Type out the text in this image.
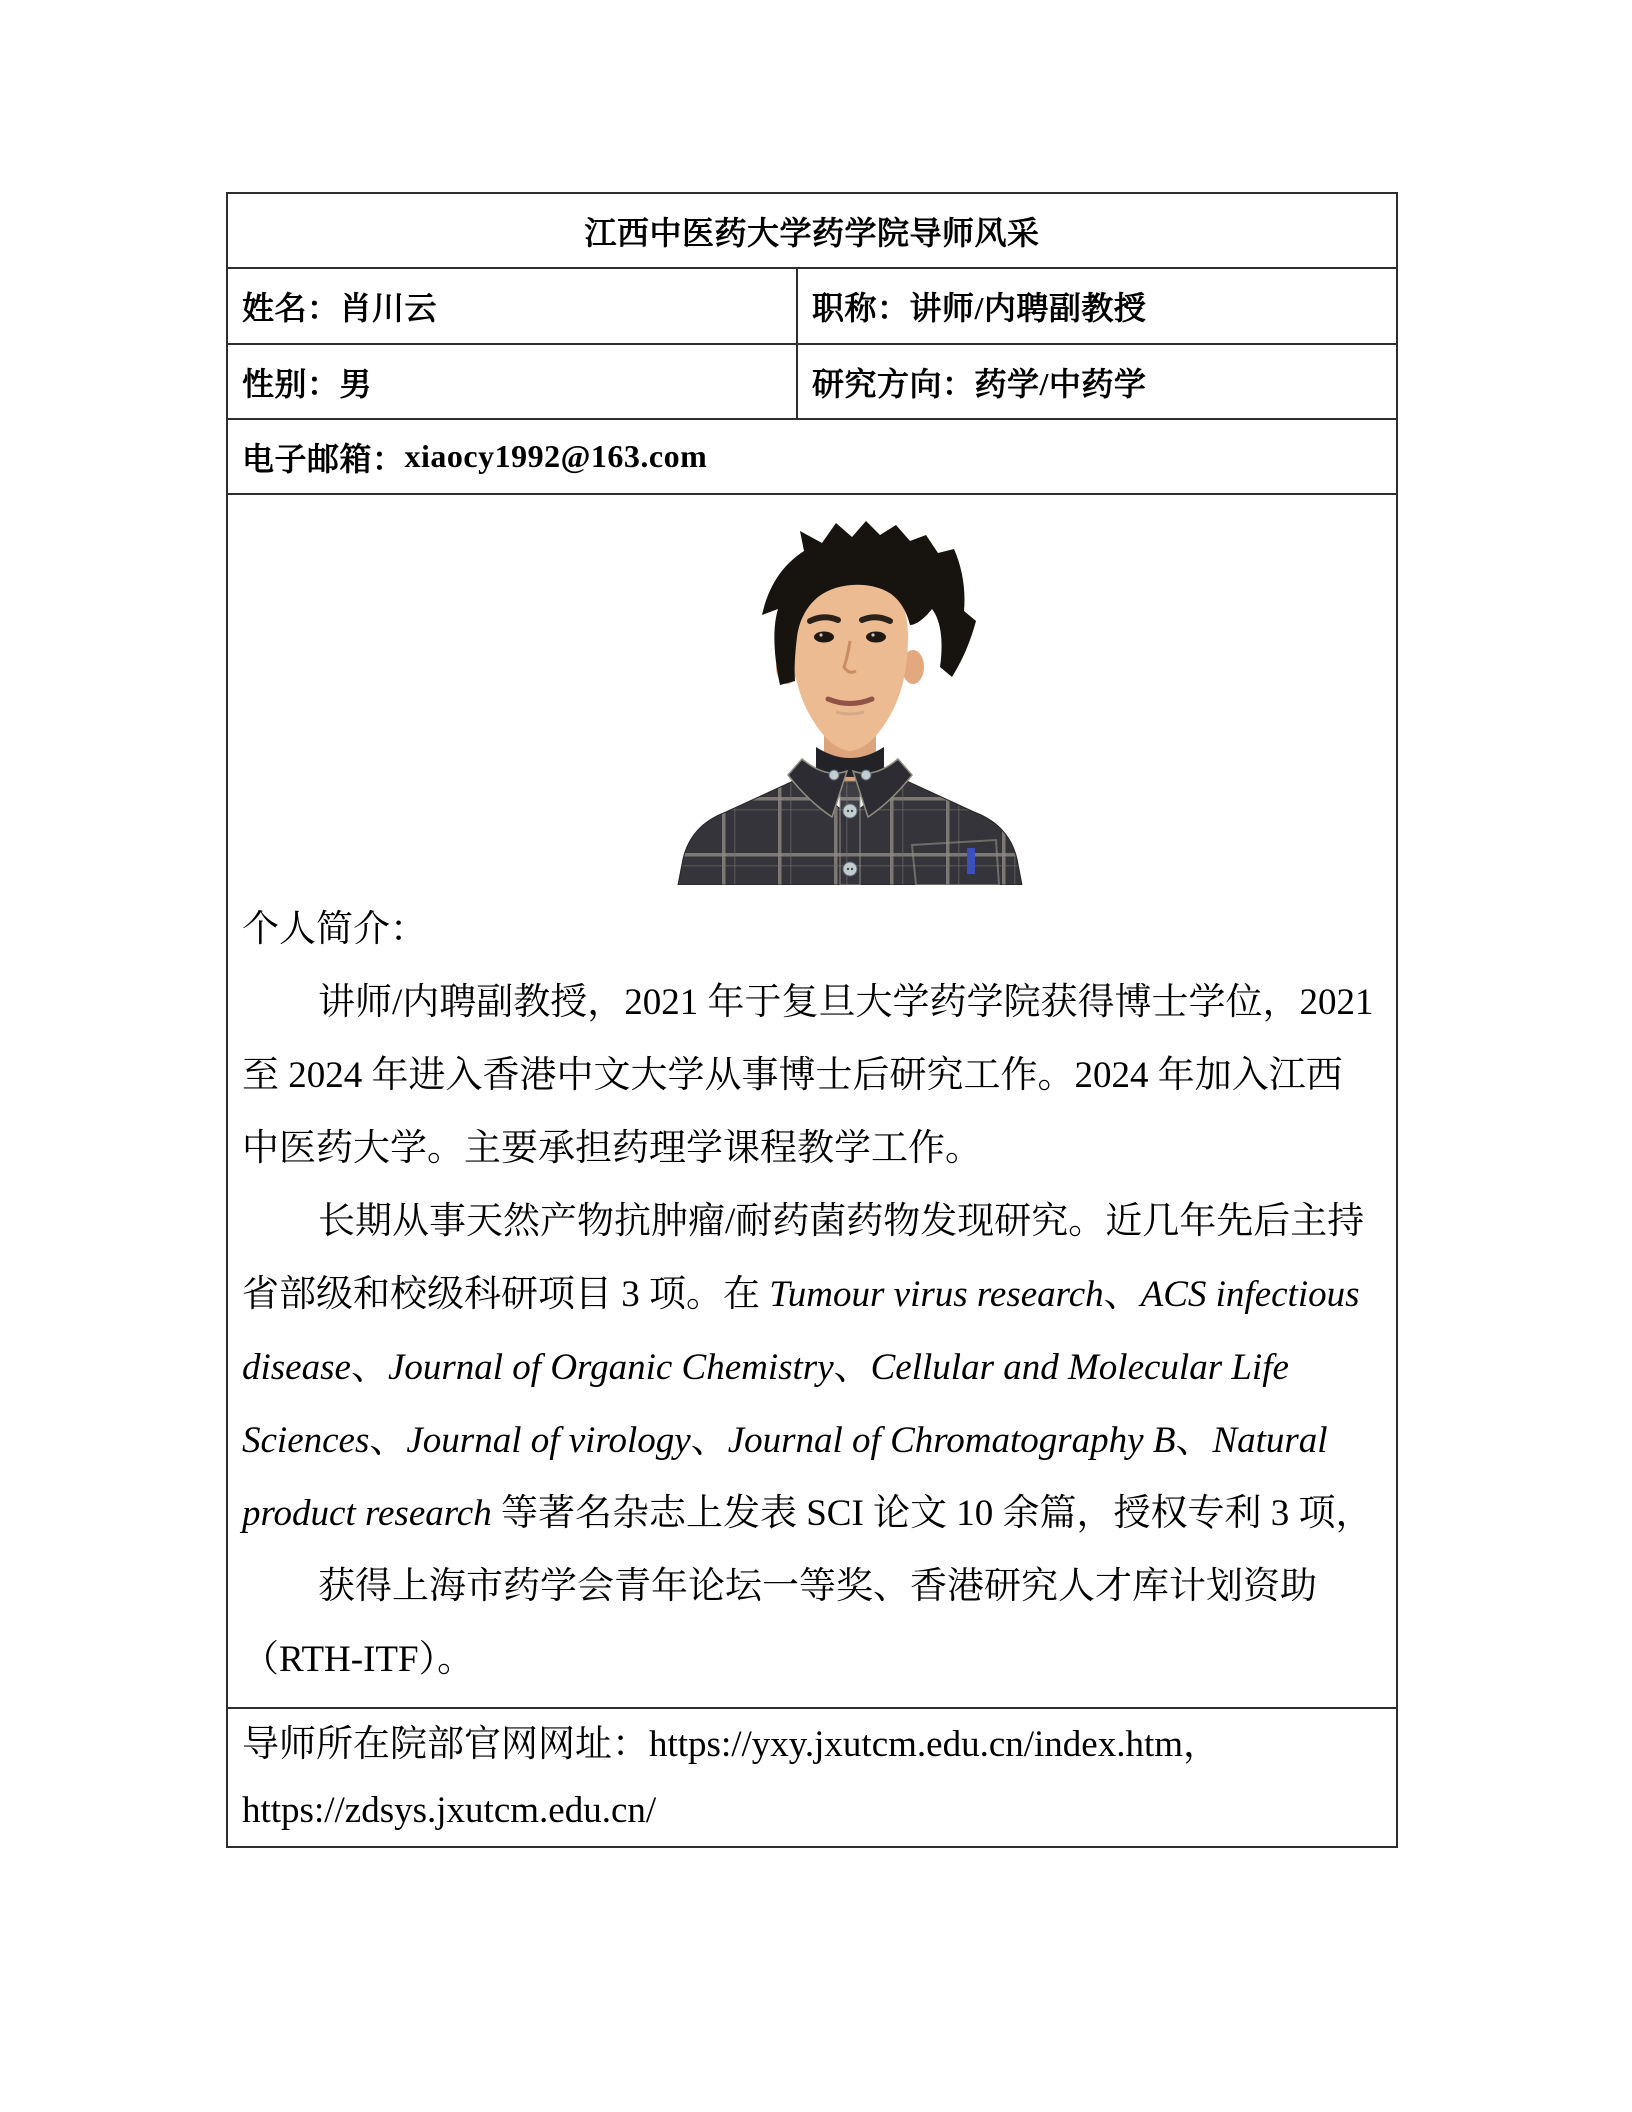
江西中医药大学药学院导师风采
姓名： 肖川云	职称： 讲师/内聘副教授
性别： 男	研究方向： 药学/中药学
电子邮箱： xiaocy1992@163.com
个人简介：
讲师/内聘副教授，2021 年于复旦大学药学院获得博士学位，2021
至 2024 年进入香港中文大学从事博士后研究工作。2024 年加入江西
中医药大学。主要承担药理学课程教学工作。
长期从事天然产物抗肿瘤/耐药菌药物发现研究。近几年先后主持
省部级和校级科研项目 3 项。在 Tumour virus research、ACS infectious
disease、Journal of Organic Chemistry、Cellular and Molecular Life
Sciences、Journal of virology、Journal of Chromatography B、Natural
product research 等著名杂志上发表 SCI 论文 10 余篇，授权专利 3 项，
获得上海市药学会青年论坛一等奖、香港研究人才库计划资助
（RTH-ITF）。
导师所在院部官网网址：https://yxy.jxutcm.edu.cn/index.htm，
https://zdsys.jxutcm.edu.cn/
